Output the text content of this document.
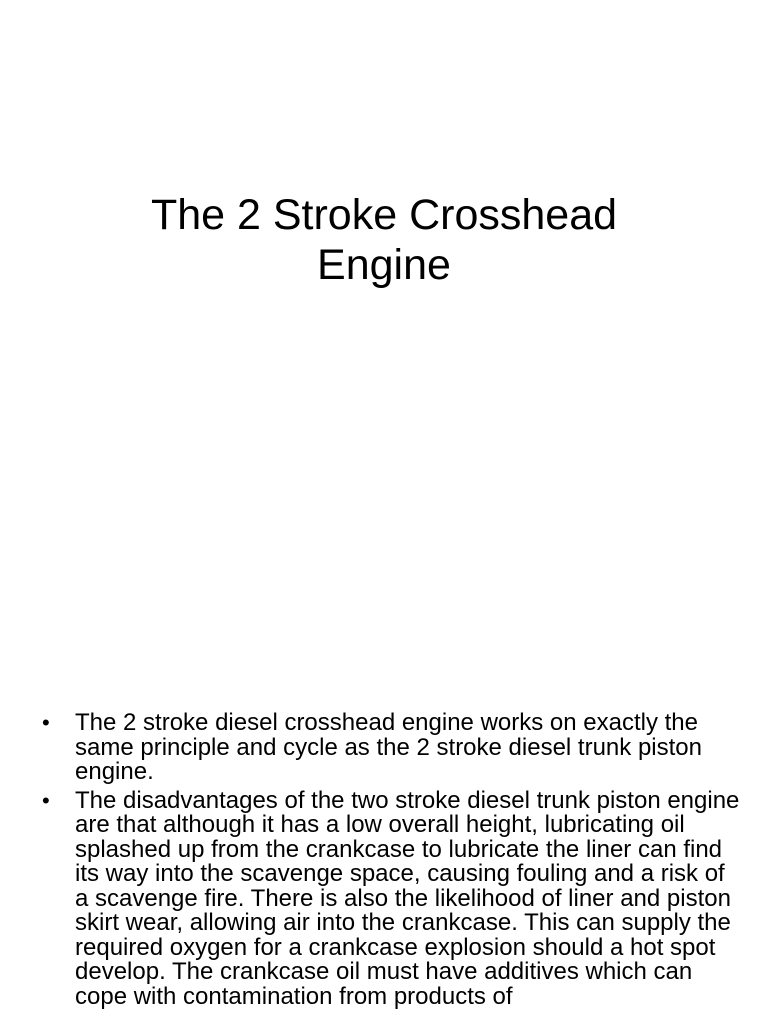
The 2 Stroke Crosshead
Engine
•	The 2 stroke diesel crosshead engine works on exactly the same principle and cycle as the 2 stroke diesel trunk piston engine.
•	The disadvantages of the two stroke diesel trunk piston engine are that although it has a low overall height, lubricating oil splashed up from the crankcase to lubricate the liner can find its way into the scavenge space, causing fouling and a risk of a scavenge fire. There is also the likelihood of liner and piston skirt wear, allowing air into the crankcase. This can supply the required oxygen for a crankcase explosion should a hot spot develop. The crankcase oil must have additives which can cope with contamination from products of
